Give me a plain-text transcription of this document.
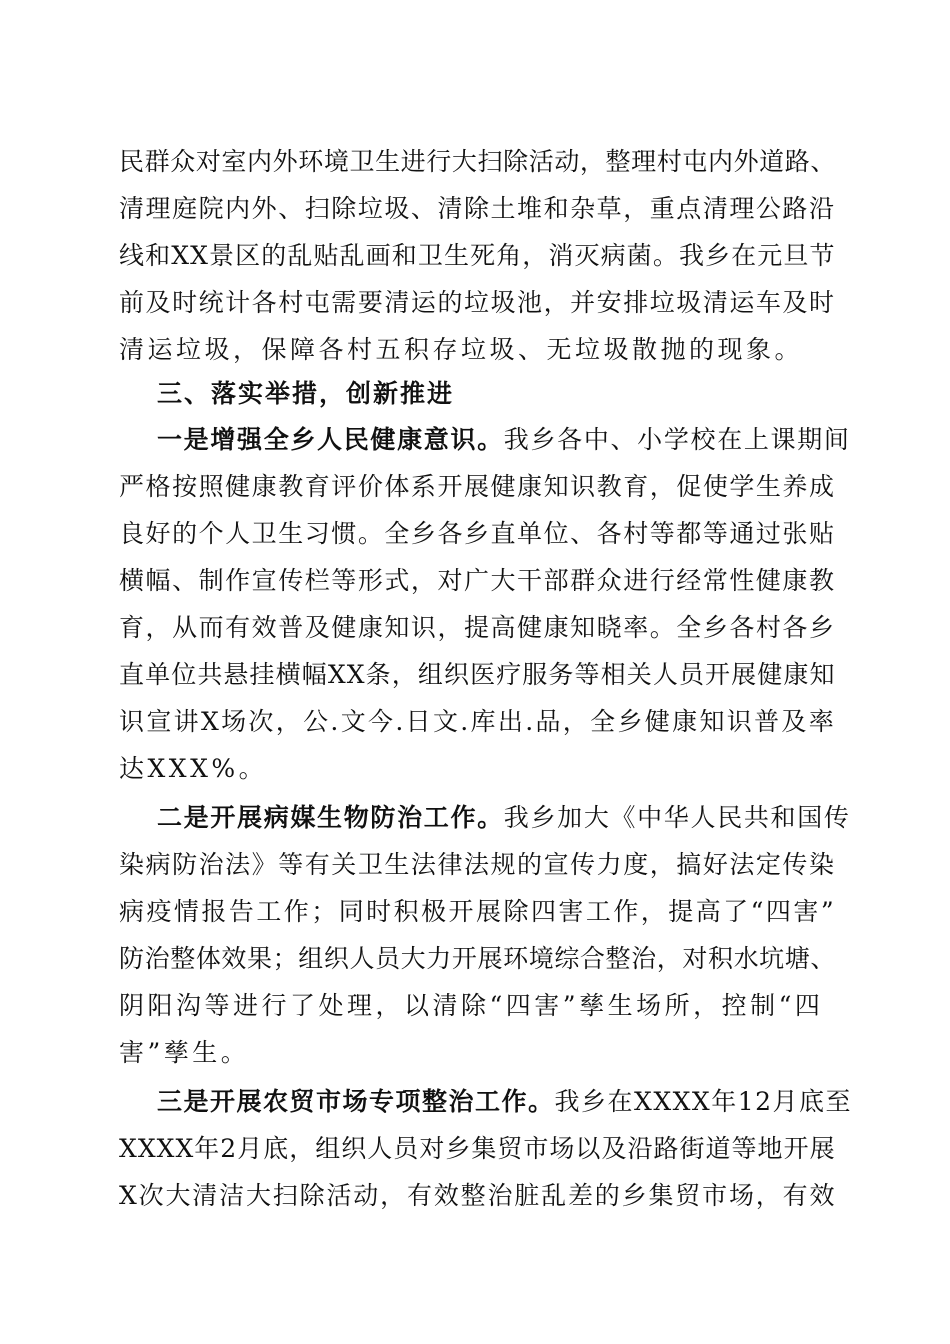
民群众对室内外环境卫生进行大扫除活动，整理村屯内外道路、
清理庭院内外、扫除垃圾、清除土堆和杂草，重点清理公路沿
线和XX景区的乱贴乱画和卫生死角，消灭病菌。我乡在元旦节
前及时统计各村屯需要清运的垃圾池，并安排垃圾清运车及时
清运垃圾，保障各村五积存垃圾、无垃圾散抛的现象。
三、落实举措，创新推进
一是增强全乡人民健康意识。我乡各中、小学校在上课期间
严格按照健康教育评价体系开展健康知识教育，促使学生养成
良好的个人卫生习惯。全乡各乡直单位、各村等都等通过张贴
横幅、制作宣传栏等形式，对广大干部群众进行经常性健康教
育，从而有效普及健康知识，提高健康知晓率。全乡各村各乡
直单位共悬挂横幅XX条，组织医疗服务等相关人员开展健康知
识宣讲X场次，公.文今.日文.库出.品，全乡健康知识普及率
达XXX%。
二是开展病媒生物防治工作。我乡加大《中华人民共和国传
染病防治法》等有关卫生法律法规的宣传力度，搞好法定传染
病疫情报告工作；同时积极开展除四害工作，提高了“四害”
防治整体效果；组织人员大力开展环境综合整治，对积水坑塘、
阴阳沟等进行了处理，以清除“四害”孳生场所，控制“四
害”孳生。
三是开展农贸市场专项整治工作。我乡在XXXX年12月底至
XXXX年2月底，组织人员对乡集贸市场以及沿路街道等地开展
X次大清洁大扫除活动，有效整治脏乱差的乡集贸市场，有效
